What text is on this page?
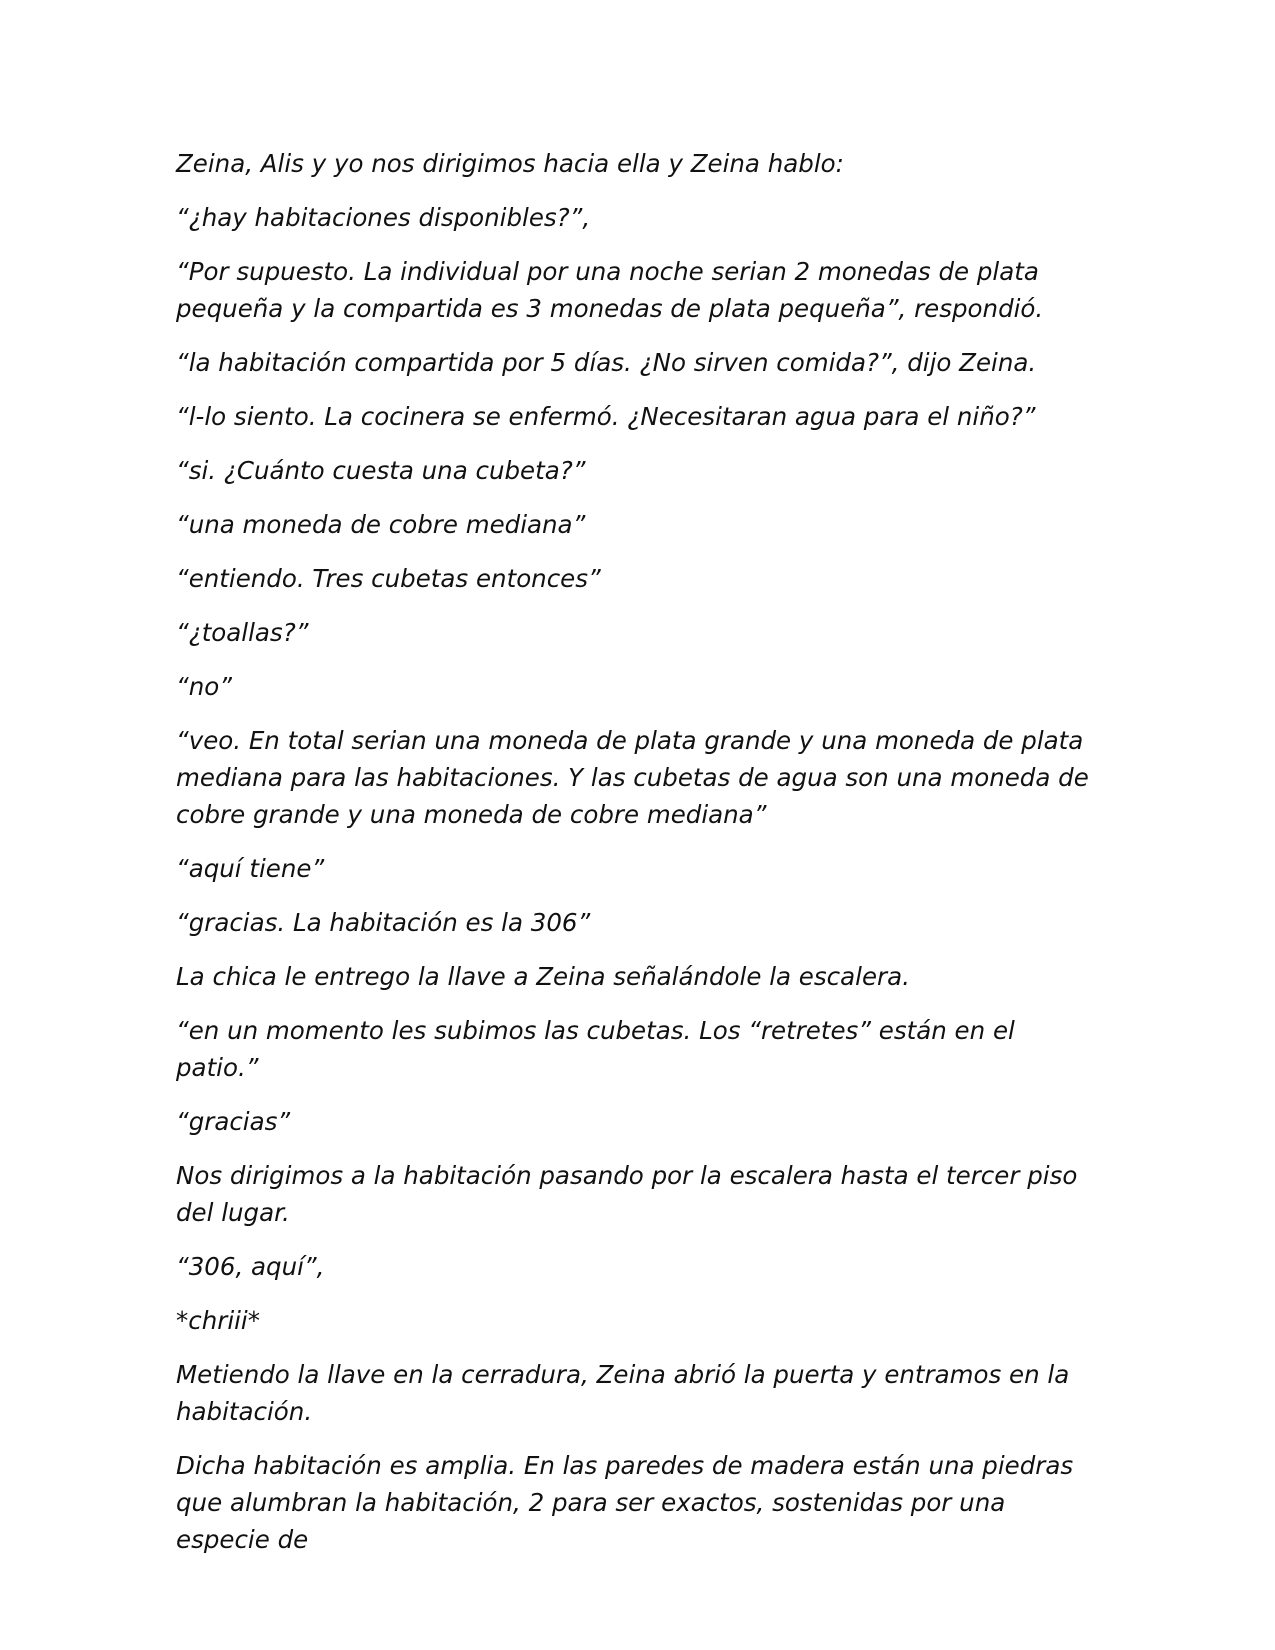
Zeina, Alis y yo nos dirigimos hacia ella y Zeina hablo:

“¿hay habitaciones disponibles?”,

“Por supuesto. La individual por una noche serian 2 monedas de plata pequeña y la compartida es 3 monedas de plata pequeña”, respondió.

“la habitación compartida por 5 días. ¿No sirven comida?”, dijo Zeina.

“l-lo siento. La cocinera se enfermó. ¿Necesitaran agua para el niño?”

“si. ¿Cuánto cuesta una cubeta?”

“una moneda de cobre mediana”

“entiendo. Tres cubetas entonces”

“¿toallas?”

“no”

“veo. En total serian una moneda de plata grande y una moneda de plata mediana para las habitaciones. Y las cubetas de agua son una moneda de cobre grande y una moneda de cobre mediana”

“aquí tiene”

“gracias. La habitación es la 306”

La chica le entrego la llave a Zeina señalándole la escalera.

“en un momento les subimos las cubetas. Los “retretes” están en el patio.”

“gracias”

Nos dirigimos a la habitación pasando por la escalera hasta el tercer piso del lugar.

“306, aquí”,

*chriii*

Metiendo la llave en la cerradura, Zeina abrió la puerta y entramos en la habitación.

Dicha habitación es amplia. En las paredes de madera están una piedras que alumbran la habitación, 2 para ser exactos, sostenidas por una especie de
